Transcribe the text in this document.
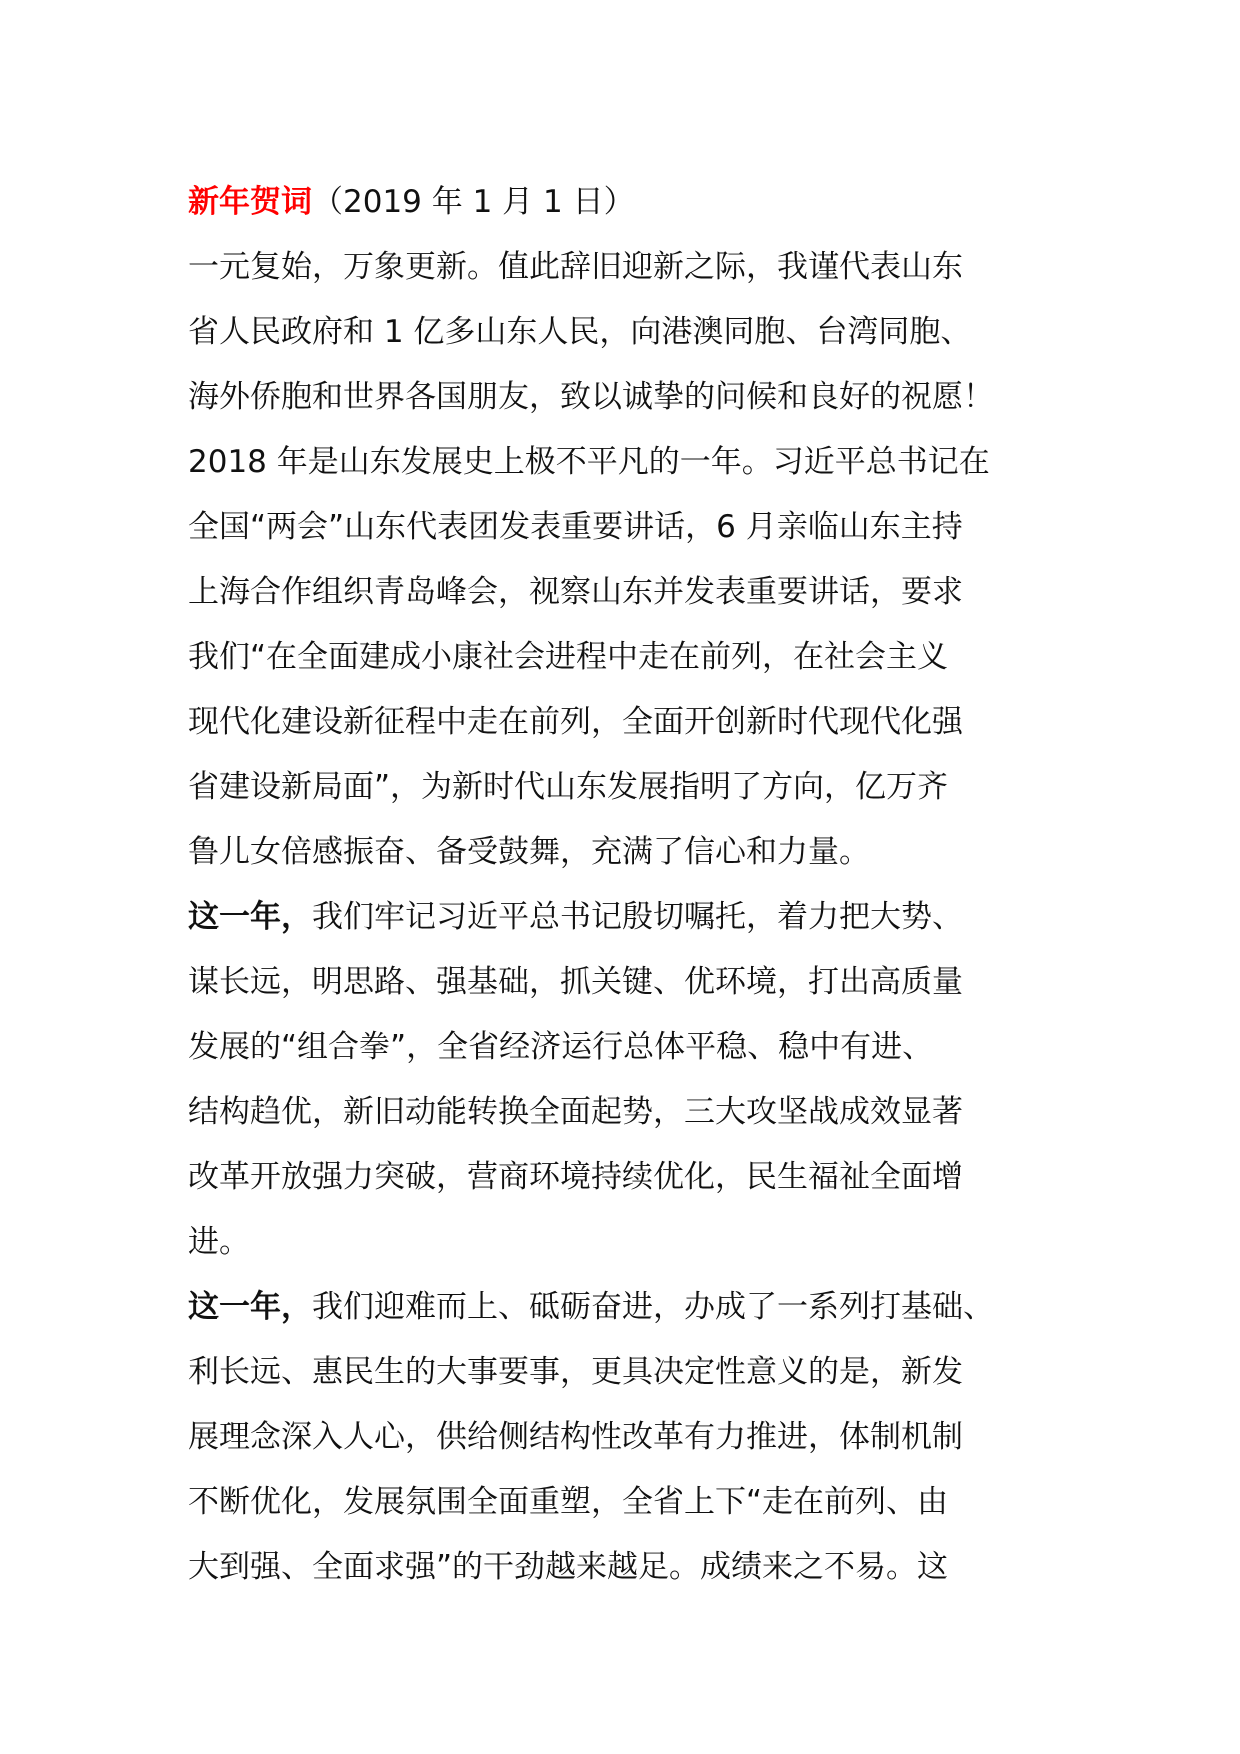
新年贺词（2019 年 1 月 1 日）
一元复始，万象更新。值此辞旧迎新之际，我谨代表山东
省人民政府和 1 亿多山东人民，向港澳同胞、台湾同胞、
海外侨胞和世界各国朋友，致以诚挚的问候和良好的祝愿！
2018 年是山东发展史上极不平凡的一年。习近平总书记在
全国“两会”山东代表团发表重要讲话，6 月亲临山东主持
上海合作组织青岛峰会，视察山东并发表重要讲话，要求
我们“在全面建成小康社会进程中走在前列，在社会主义
现代化建设新征程中走在前列，全面开创新时代现代化强
省建设新局面”，为新时代山东发展指明了方向，亿万齐
鲁儿女倍感振奋、备受鼓舞，充满了信心和力量。
这一年，我们牢记习近平总书记殷切嘱托，着力把大势、
谋长远，明思路、强基础，抓关键、优环境，打出高质量
发展的“组合拳”，全省经济运行总体平稳、稳中有进、
结构趋优，新旧动能转换全面起势，三大攻坚战成效显著
改革开放强力突破，营商环境持续优化，民生福祉全面增
进。
这一年，我们迎难而上、砥砺奋进，办成了一系列打基础、
利长远、惠民生的大事要事，更具决定性意义的是，新发
展理念深入人心，供给侧结构性改革有力推进，体制机制
不断优化，发展氛围全面重塑，全省上下“走在前列、由
大到强、全面求强”的干劲越来越足。成绩来之不易。这
